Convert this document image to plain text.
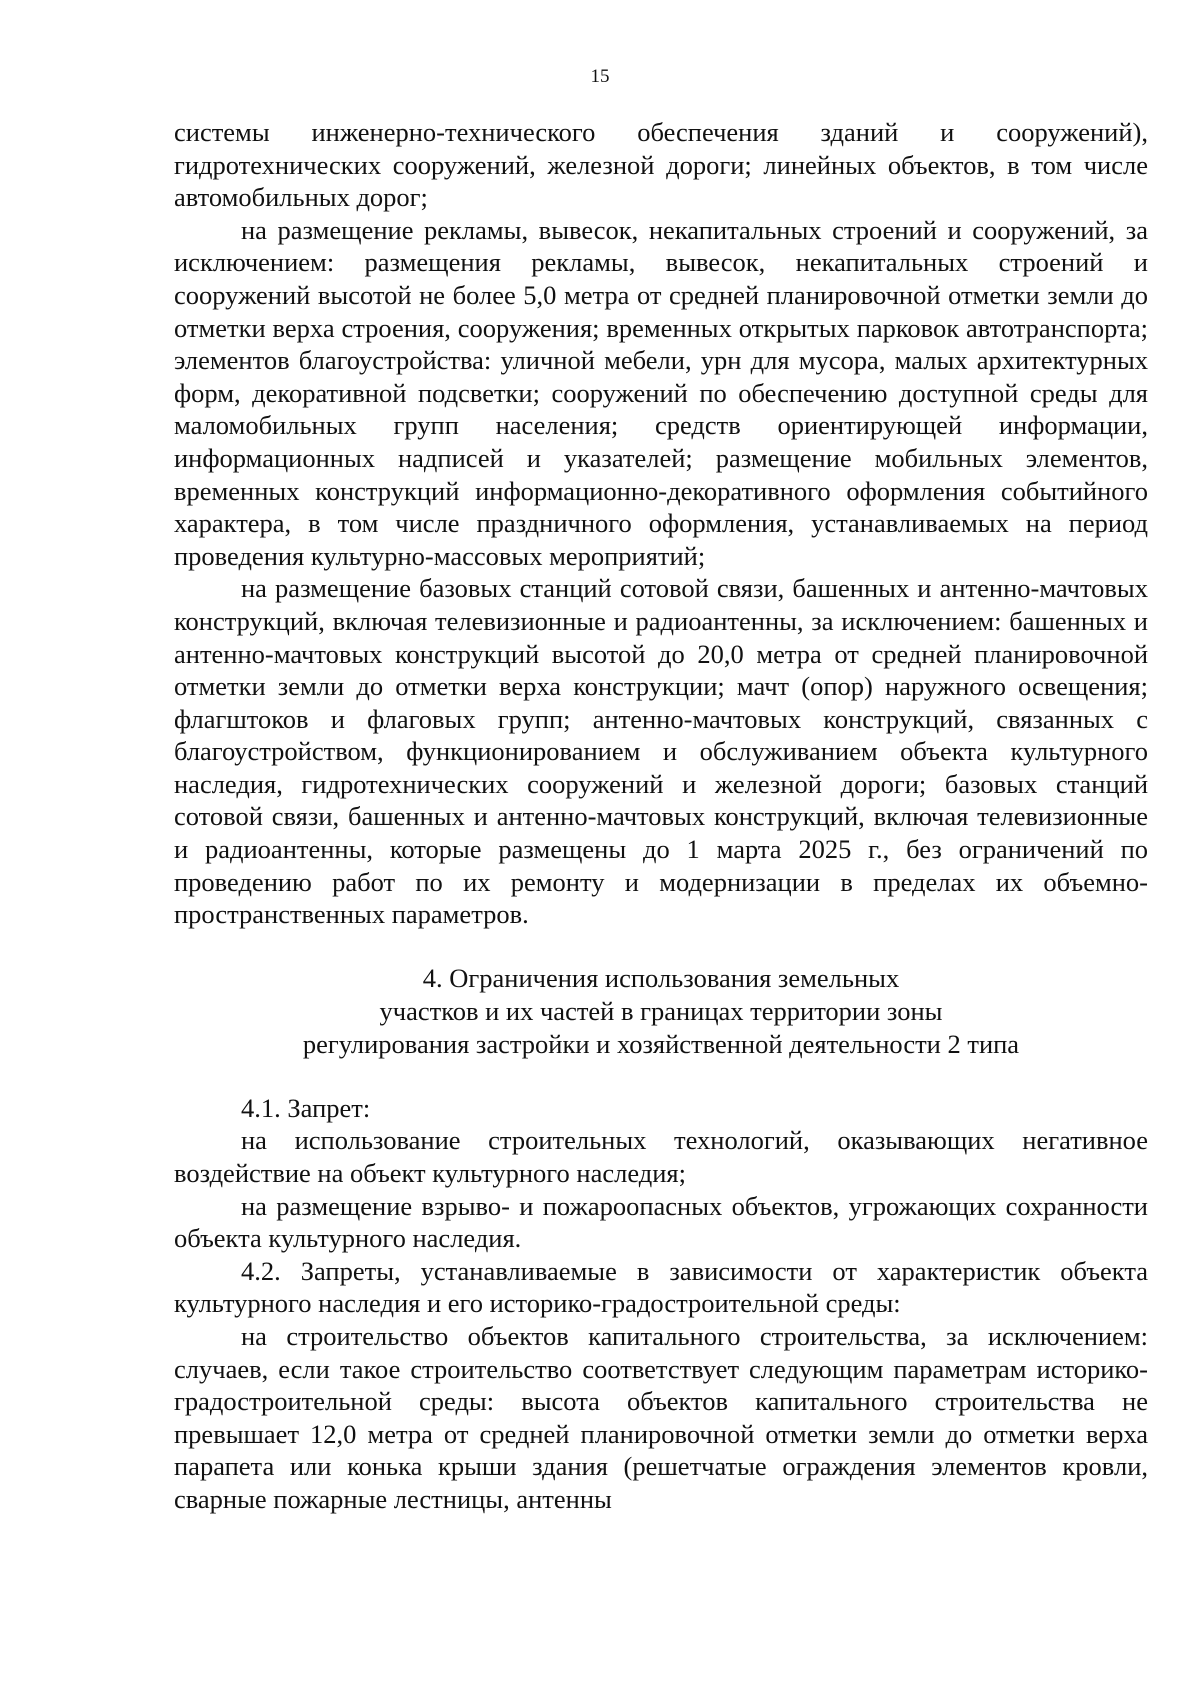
15

системы инженерно-технического обеспечения зданий и сооружений), гидротехнических сооружений, железной дороги; линейных объектов, в том числе автомобильных дорог;

на размещение рекламы, вывесок, некапитальных строений и сооружений, за исключением: размещения рекламы, вывесок, некапитальных строений и сооружений высотой не более 5,0 метра от средней планировочной отметки земли до отметки верха строения, сооружения; временных открытых парковок автотранспорта; элементов благоустройства: уличной мебели, урн для мусора, малых архитектурных форм, декоративной подсветки; сооружений по обеспечению доступной среды для маломобильных групп населения; средств ориентирующей информации, информационных надписей и указателей; размещение мобильных элементов, временных конструкций информационно-декоративного оформления событийного характера, в том числе праздничного оформления, устанавливаемых на период проведения культурно-массовых мероприятий;

на размещение базовых станций сотовой связи, башенных и антенно-мачтовых конструкций, включая телевизионные и радиоантенны, за исключением: башенных и антенно-мачтовых конструкций высотой до 20,0 метра от средней планировочной отметки земли до отметки верха конструкции; мачт (опор) наружного освещения; флагштоков и флаговых групп; антенно-мачтовых конструкций, связанных с благоустройством, функционированием и обслуживанием объекта культурного наследия, гидротехнических сооружений и железной дороги; базовых станций сотовой связи, башенных и антенно-мачтовых конструкций, включая телевизионные и радиоантенны, которые размещены до 1 марта 2025 г., без ограничений по проведению работ по их ремонту и модернизации в пределах их объемно-пространственных параметров.

4. Ограничения использования земельных
участков и их частей в границах территории зоны
регулирования застройки и хозяйственной деятельности 2 типа

4.1. Запрет:

на использование строительных технологий, оказывающих негативное воздействие на объект культурного наследия;

на размещение взрыво- и пожароопасных объектов, угрожающих сохранности объекта культурного наследия.

4.2. Запреты, устанавливаемые в зависимости от характеристик объекта культурного наследия и его историко-градостроительной среды:

на строительство объектов капитального строительства, за исключением: случаев, если такое строительство соответствует следующим параметрам историко-градостроительной среды: высота объектов капитального строительства не превышает 12,0 метра от средней планировочной отметки земли до отметки верха парапета или конька крыши здания (решетчатые ограждения элементов кровли, сварные пожарные лестницы, антенны
